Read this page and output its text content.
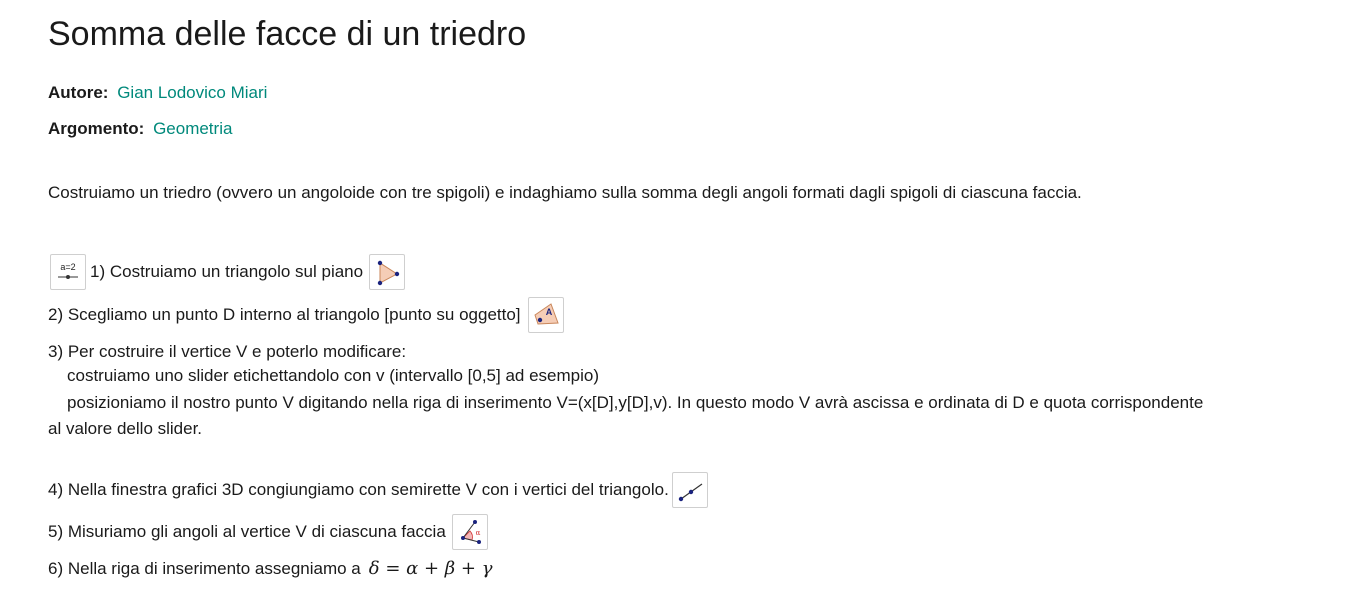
Somma delle facce di un triedro
Autore: Gian Lodovico Miari
Argomento: Geometria
Costruiamo un triedro (ovvero un angoloide con tre spigoli) e indaghiamo sulla somma degli angoli formati dagli spigoli di ciascuna faccia.
a=2 1) Costruiamo un triangolo sul piano
2) Scegliamo un punto D interno al triangolo [punto su oggetto]	A
3) Per costruire il vertice V e poterlo modificare:
costruiamo uno slider etichettandolo con v (intervallo [0,5] ad esempio)
posizioniamo il nostro punto V digitando nella riga di inserimento V=(x[D],y[D],v). In questo modo V avrà ascissa e ordinata di D e quota corrispondente
al valore dello slider.
4) Nella finestra grafici 3D congiungiamo con semirette V con i vertici del triangolo.
5) Misuriamo gli angoli al vertice V di ciascuna faccia	α
6) Nella riga di inserimento assegniamo a δ = α + β + γ
